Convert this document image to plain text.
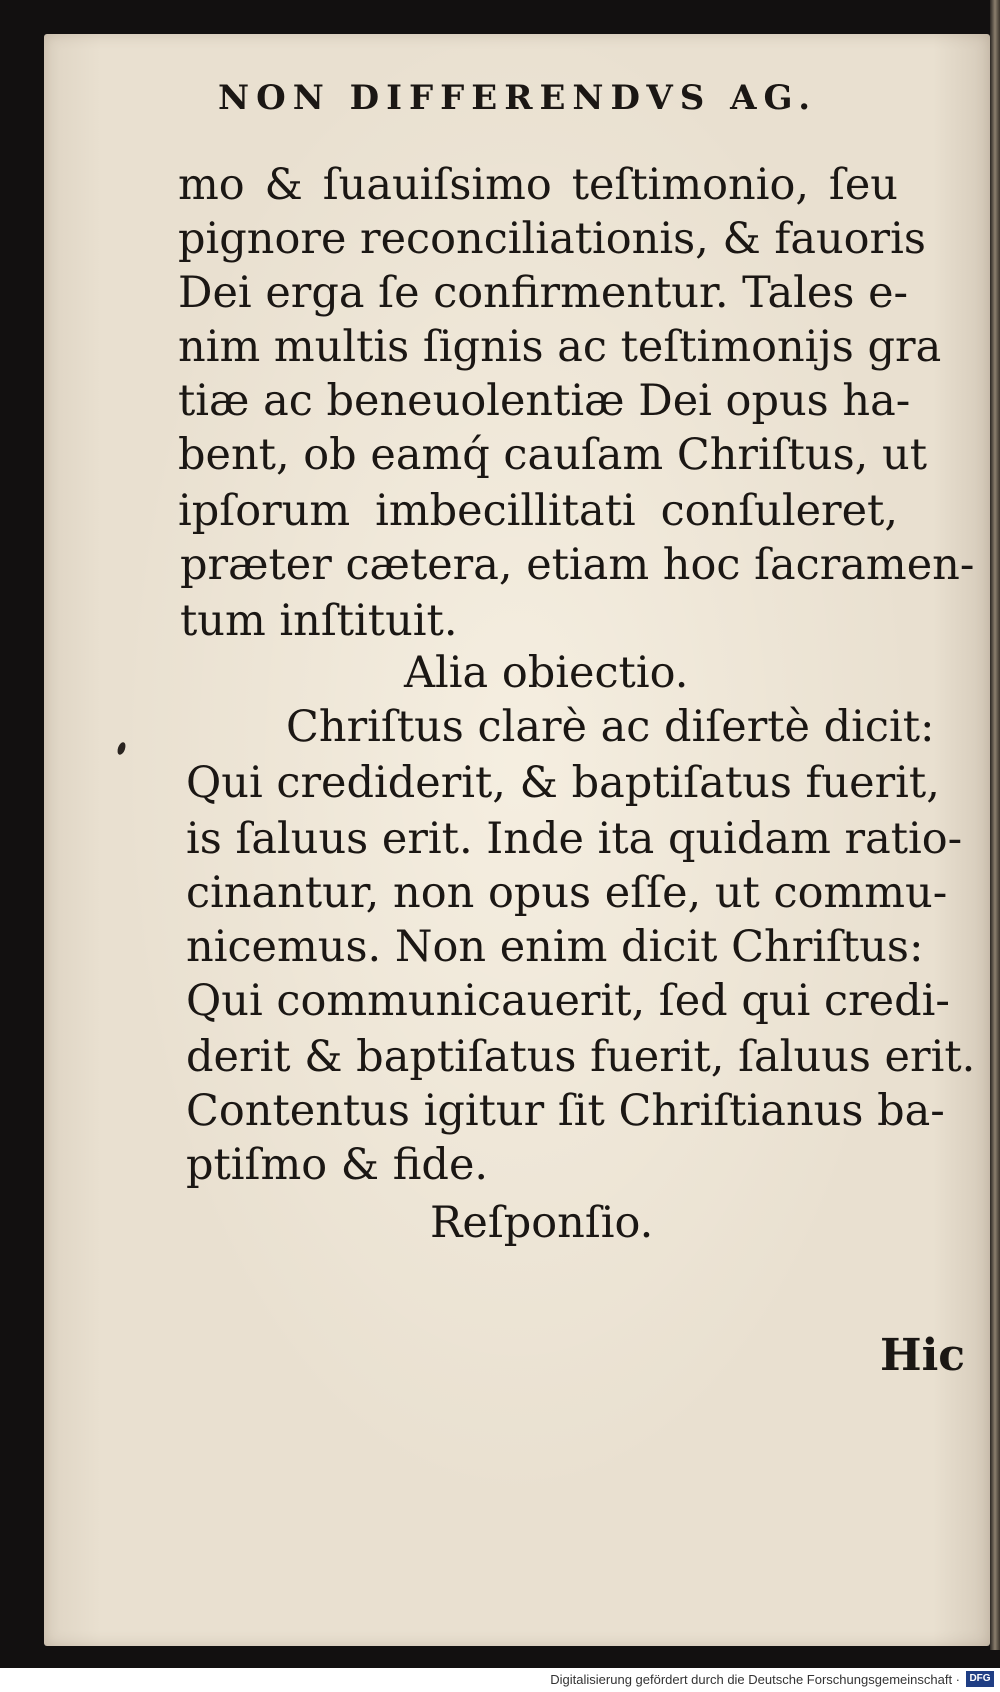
NON DIFFERENDVS AG.
mo & ſuauiſsimo teſtimonio, ſeu
pignore reconciliationis, & fauoris
Dei erga ſe confirmentur. Tales e-
nim multis ſignis ac teſtimonijs gra
tiæ ac beneuolentiæ Dei opus ha-
bent, ob eamq́ cauſam Chriſtus, ut
ipſorum imbecillitati conſuleret,
præter cætera, etiam hoc ſacramen-
tum inſtituit.
Alia obiectio.
Chriſtus clarè ac diſertè dicit:
Qui crediderit, & baptiſatus fuerit,
is ſaluus erit. Inde ita quidam ratio-
cinantur, non opus eſſe, ut commu-
nicemus. Non enim dicit Chriſtus:
Qui communicauerit, ſed qui credi-
derit & baptiſatus fuerit, ſaluus erit.
Contentus igitur ſit Chriſtianus ba-
ptiſmo & fide.
Reſponſio.
Hic
Digitalisierung gefördert durch die Deutsche Forschungsgemeinschaft · DFG
